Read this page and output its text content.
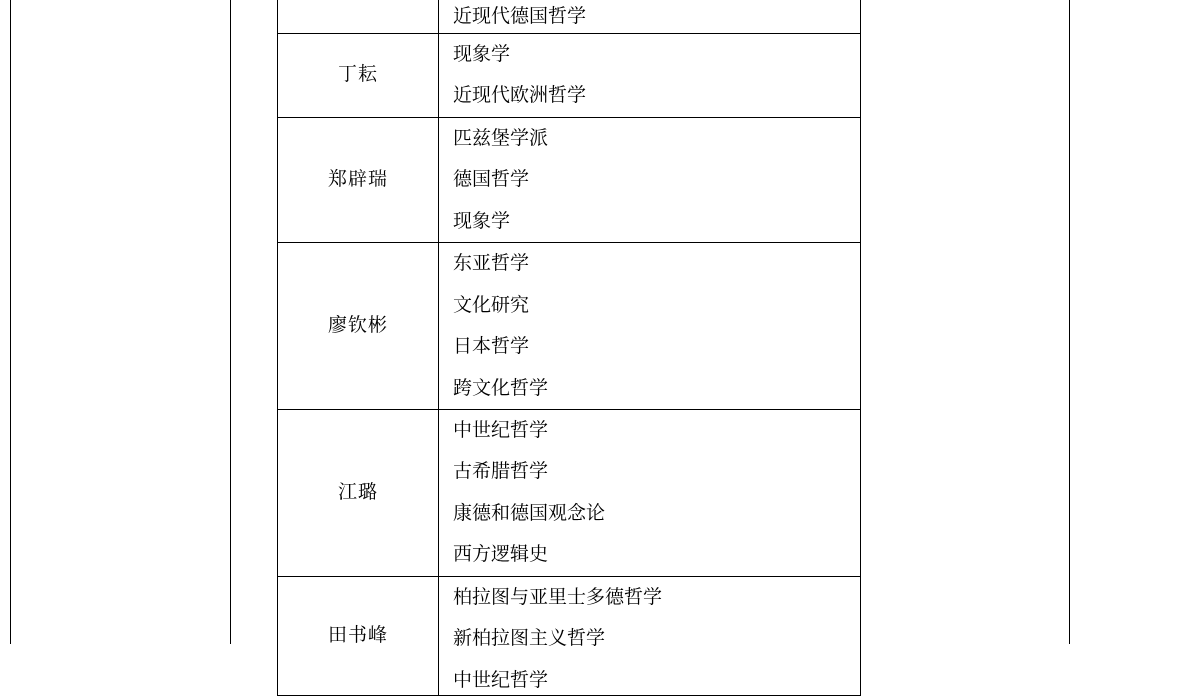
	近现代德国哲学

丁耘	现象学
近现代欧洲哲学

郑辟瑞	匹兹堡学派
德国哲学
现象学

廖钦彬	东亚哲学
文化研究
日本哲学
跨文化哲学

江璐	中世纪哲学
古希腊哲学
康德和德国观念论
西方逻辑史

田书峰	柏拉图与亚里士多德哲学
新柏拉图主义哲学
中世纪哲学
